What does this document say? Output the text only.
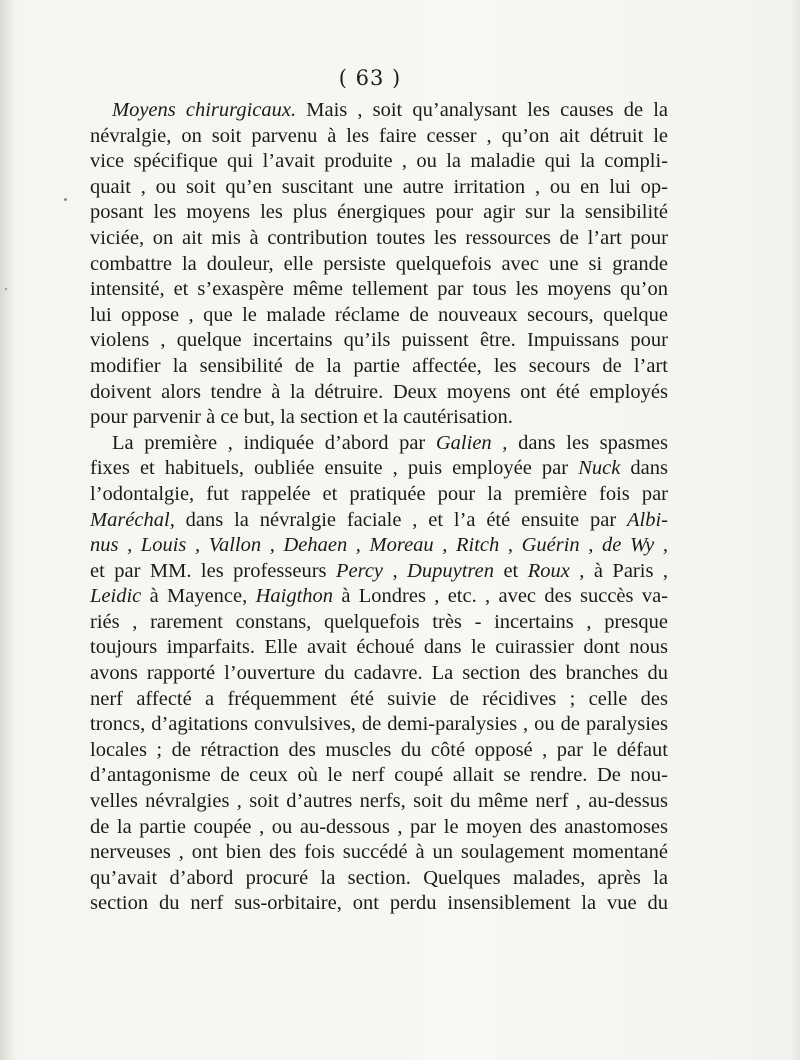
( 63 )
Moyens chirurgicaux. Mais , soit qu’analysant les causes de la
névralgie, on soit parvenu à les faire cesser , qu’on ait détruit le
vice spécifique qui l’avait produite , ou la maladie qui la compli-
quait , ou soit qu’en suscitant une autre irritation , ou en lui op-
posant les moyens les plus énergiques pour agir sur la sensibilité
viciée, on ait mis à contribution toutes les ressources de l’art pour
combattre la douleur, elle persiste quelquefois avec une si grande
intensité, et s’exaspère même tellement par tous les moyens qu’on
lui oppose , que le malade réclame de nouveaux secours, quelque
violens , quelque incertains qu’ils puissent être. Impuissans pour
modifier la sensibilité de la partie affectée, les secours de l’art
doivent alors tendre à la détruire. Deux moyens ont été employés
pour parvenir à ce but, la section et la cautérisation.
La première , indiquée d’abord par Galien , dans les spasmes
fixes et habituels, oubliée ensuite , puis employée par Nuck dans
l’odontalgie, fut rappelée et pratiquée pour la première fois par
Maréchal, dans la névralgie faciale , et l’a été ensuite par Albi-
nus , Louis , Vallon , Dehaen , Moreau , Ritch , Guérin , de Wy ,
et par MM. les professeurs Percy , Dupuytren et Roux , à Paris ,
Leidic à Mayence, Haigthon à Londres , etc. , avec des succès va-
riés , rarement constans, quelquefois très - incertains , presque
toujours imparfaits. Elle avait échoué dans le cuirassier dont nous
avons rapporté l’ouverture du cadavre. La section des branches du
nerf affecté a fréquemment été suivie de récidives ; celle des
troncs, d’agitations convulsives, de demi-paralysies , ou de paralysies
locales ; de rétraction des muscles du côté opposé , par le défaut
d’antagonisme de ceux où le nerf coupé allait se rendre. De nou-
velles névralgies , soit d’autres nerfs, soit du même nerf , au-dessus
de la partie coupée , ou au-dessous , par le moyen des anastomoses
nerveuses , ont bien des fois succédé à un soulagement momentané
qu’avait d’abord procuré la section. Quelques malades, après la
section du nerf sus-orbitaire, ont perdu insensiblement la vue du
